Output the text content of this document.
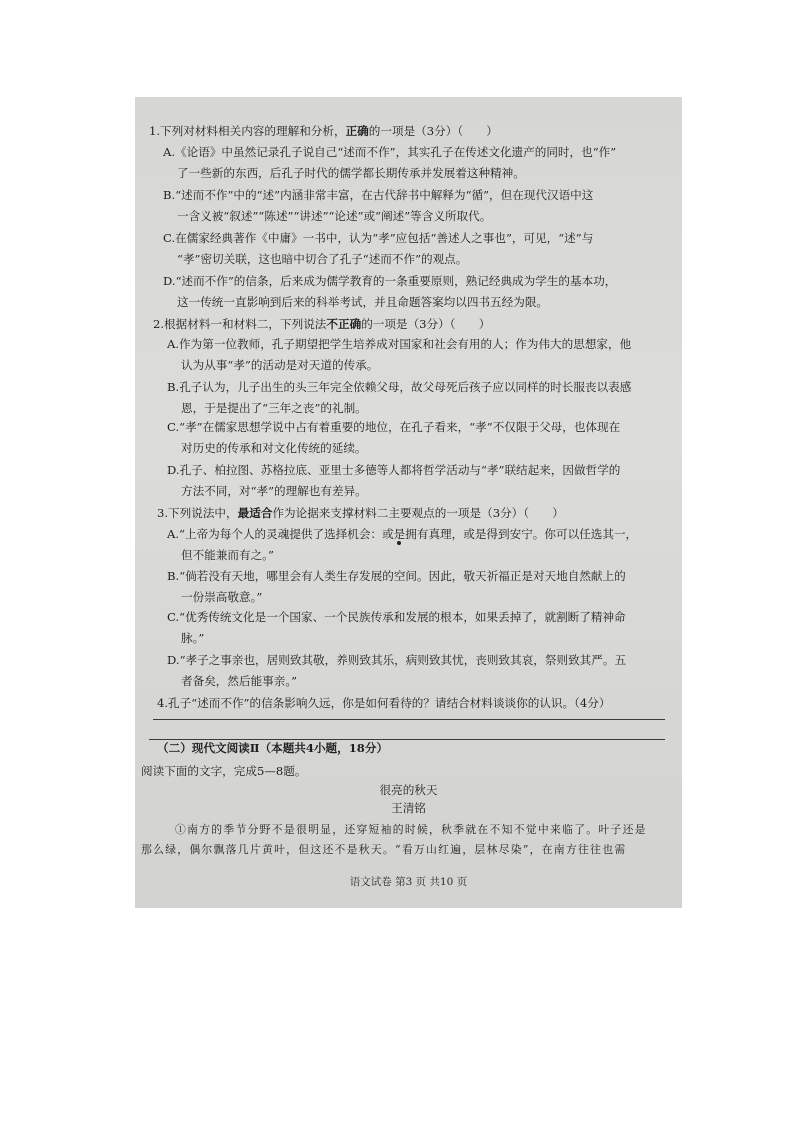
1.下列对材料相关内容的理解和分析，正确的一项是（3分）（　　）
A.《论语》中虽然记录孔子说自己“述而不作”，其实孔子在传述文化遗产的同时，也“作”
了一些新的东西，后孔子时代的儒学都长期传承并发展着这种精神。
B.“述而不作”中的“述”内涵非常丰富，在古代辞书中解释为“循”，但在现代汉语中这
一含义被“叙述”“陈述”“讲述”“论述”或“阐述”等含义所取代。
C.在儒家经典著作《中庸》一书中，认为“孝”应包括“善述人之事也”，可见，“述”与
“孝”密切关联，这也暗中切合了孔子“述而不作”的观点。
D.“述而不作”的信条，后来成为儒学教育的一条重要原则，熟记经典成为学生的基本功，
这一传统一直影响到后来的科举考试，并且命题答案均以四书五经为限。
2.根据材料一和材料二，下列说法不正确的一项是（3分）（　　）
A.作为第一位教师，孔子期望把学生培养成对国家和社会有用的人；作为伟大的思想家，他
认为从事“孝”的活动是对天道的传承。
B.孔子认为，儿子出生的头三年完全依赖父母，故父母死后孩子应以同样的时长服丧以表感
恩，于是提出了“三年之丧”的礼制。
C.“孝”在儒家思想学说中占有着重要的地位，在孔子看来，“孝”不仅限于父母，也体现在
对历史的传承和对文化传统的延续。
D.孔子、柏拉图、苏格拉底、亚里士多德等人都将哲学活动与“孝”联结起来，因做哲学的
方法不同，对“孝”的理解也有差异。
3.下列说法中，最适合作为论据来支撑材料二主要观点的一项是（3分）（　　）
A.“上帝为每个人的灵魂提供了选择机会：或是拥有真理，或是得到安宁。你可以任选其一，
但不能兼而有之。”
B.“倘若没有天地，哪里会有人类生存发展的空间。因此，敬天祈福正是对天地自然献上的
一份崇高敬意。”
C.“优秀传统文化是一个国家、一个民族传承和发展的根本，如果丢掉了，就割断了精神命
脉。”
D.“孝子之事亲也，居则致其敬，养则致其乐，病则致其忧，丧则致其哀，祭则致其严。五
者备矣，然后能事亲。”
4.孔子“述而不作”的信条影响久远，你是如何看待的？请结合材料谈谈你的认识。（4分）
（二）现代文阅读Ⅱ（本题共4小题，18分）
阅读下面的文字，完成5—8题。
很亮的秋天
王清铭
①南方的季节分野不是很明显，还穿短袖的时候，秋季就在不知不觉中来临了。叶子还是
那么绿，偶尔飘落几片黄叶，但这还不是秋天。“看万山红遍，层林尽染”，在南方往往也需
语文试卷 第3 页 共10 页
